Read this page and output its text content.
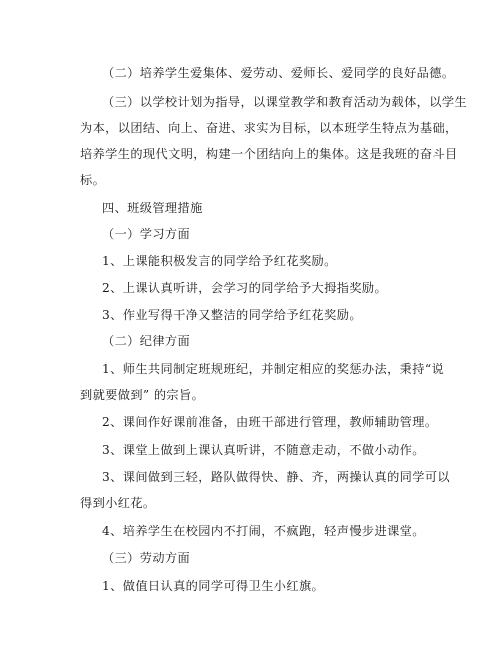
（二）培养学生爱集体、爱劳动、爱师长、爱同学的良好品德。
（三）以学校计划为指导，以课堂教学和教育活动为载体，以学生
为本，以团结、向上、奋进、求实为目标，以本班学生特点为基础，
培养学生的现代文明，构建一个团结向上的集体。这是我班的奋斗目
标。
四、班级管理措施
（一）学习方面
1、上课能积极发言的同学给予红花奖励。
2、上课认真听讲，会学习的同学给予大拇指奖励。
3、作业写得干净又整洁的同学给予红花奖励。
（二）纪律方面
1、师生共同制定班规班纪，并制定相应的奖惩办法，秉持“说
到就要做到” 的宗旨。
2、课间作好课前准备，由班干部进行管理，教师辅助管理。
3、课堂上做到上课认真听讲，不随意走动，不做小动作。
3、课间做到三轻，路队做得快、静、齐，两操认真的同学可以
得到小红花。
4、培养学生在校园内不打闹，不疯跑，轻声慢步进课堂。
（三）劳动方面
1、做值日认真的同学可得卫生小红旗。
